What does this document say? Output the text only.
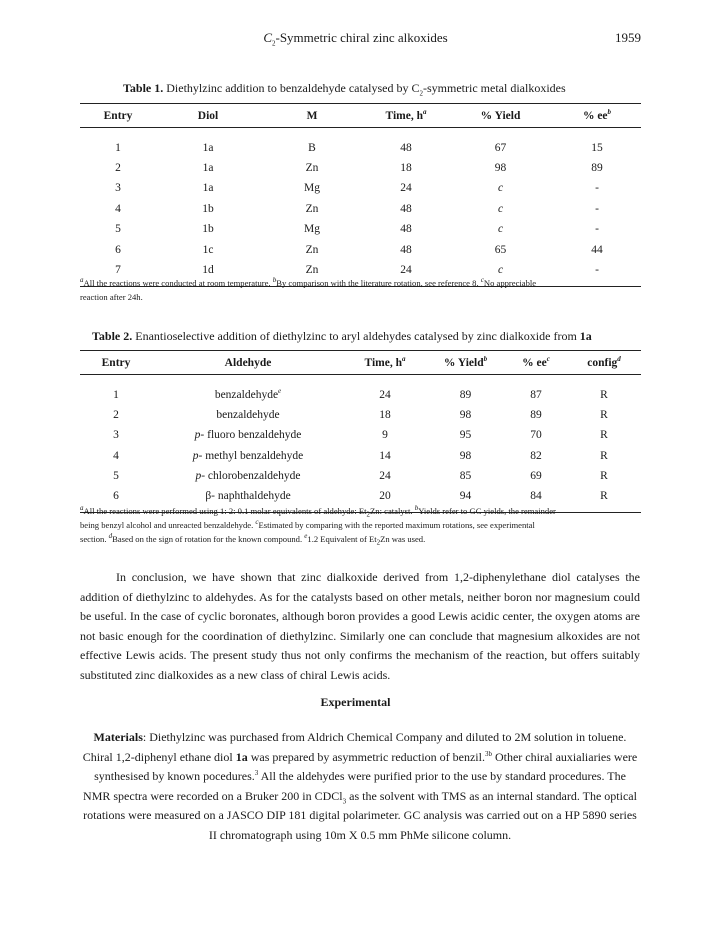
$C_2$-Symmetric chiral zinc alkoxides	1959
Table 1. Diethylzinc addition to benzaldehyde catalysed by $C_2$-symmetric metal dialkoxides
Entry	Diol	M	Time, $h^a$	% Yield	% $ee^b$
1	1a	B	48	67	15
2	1a	Zn	18	98	89
3	1a	Mg	24	c	-
4	1b	Zn	48	c	-
5	1b	Mg	48	c	-
6	1c	Zn	48	65	44
7	1d	Zn	24	c	-

$^a$All the reactions were conducted at room temperature. $^b$By comparison with the literature rotation, see reference 8. $^c$No appreciable

reaction after 24h.

Table 2. Enantioselective addition of diethylzinc to aryl aldehydes catalysed by zinc dialkoxide from 1a
Entry	Aldehyde	Time, $h^a$	% Yield$^b$	% $ee^c$	config$^d$
1	benzaldehyde$^e$	24	89	87	R
2	benzaldehyde	18	98	89	R
3	p- fluoro benzaldehyde	9	95	70	R
4	p- methyl benzaldehyde	14	98	82	R
5	p- chlorobenzaldehyde	24	85	69	R
6	β- naphthaldehyde	20	94	84	R

$^a$All the reactions were performed using 1: 2: 0.1 molar equivalents of aldehyde: $Et_2Zn$: catalyst. $^b$Yields refer to GC yields, the remainder

being benzyl alcohol and unreacted benzaldehyde. $^c$Estimated by comparing with the reported maximum rotations, see experimental

section. $^d$Based on the sign of rotation for the known compound. $^e$1.2 Equivalent of $Et_2Zn$ was used.

In conclusion, we have shown that zinc dialkoxide derived from 1,2-diphenylethane diol catalyses the addition of diethylzinc to aldehydes. As for the catalysts based on other metals, neither boron nor magnesium could be useful. In the case of cyclic boronates, although boron provides a good Lewis acidic center, the oxygen atoms are not basic enough for the coordination of diethylzinc. Similarly one can conclude that magnesium alkoxides are not effective Lewis acids. The present study thus not only confirms the mechanism of the reaction, but offers suitably substituted zinc dialkoxides as a new class of chiral Lewis acids.
Experimental
Materials: Diethylzinc was purchased from Aldrich Chemical Company and diluted to 2M solution in toluene. Chiral 1,2-diphenyl ethane diol 1a was prepared by asymmetric reduction of benzil.$^{3b}$ Other chiral auxialiaries were synthesised by known pocedures.$^3$ All the aldehydes were purified prior to the use by standard procedures. The NMR spectra were recorded on a Bruker 200 in CDCl$_3$ as the solvent with TMS as an internal standard. The optical rotations were measured on a JASCO DIP 181 digital polarimeter. GC analysis was carried out on a HP 5890 series II chromatograph using 10m X 0.5 mm PhMe silicone column.
